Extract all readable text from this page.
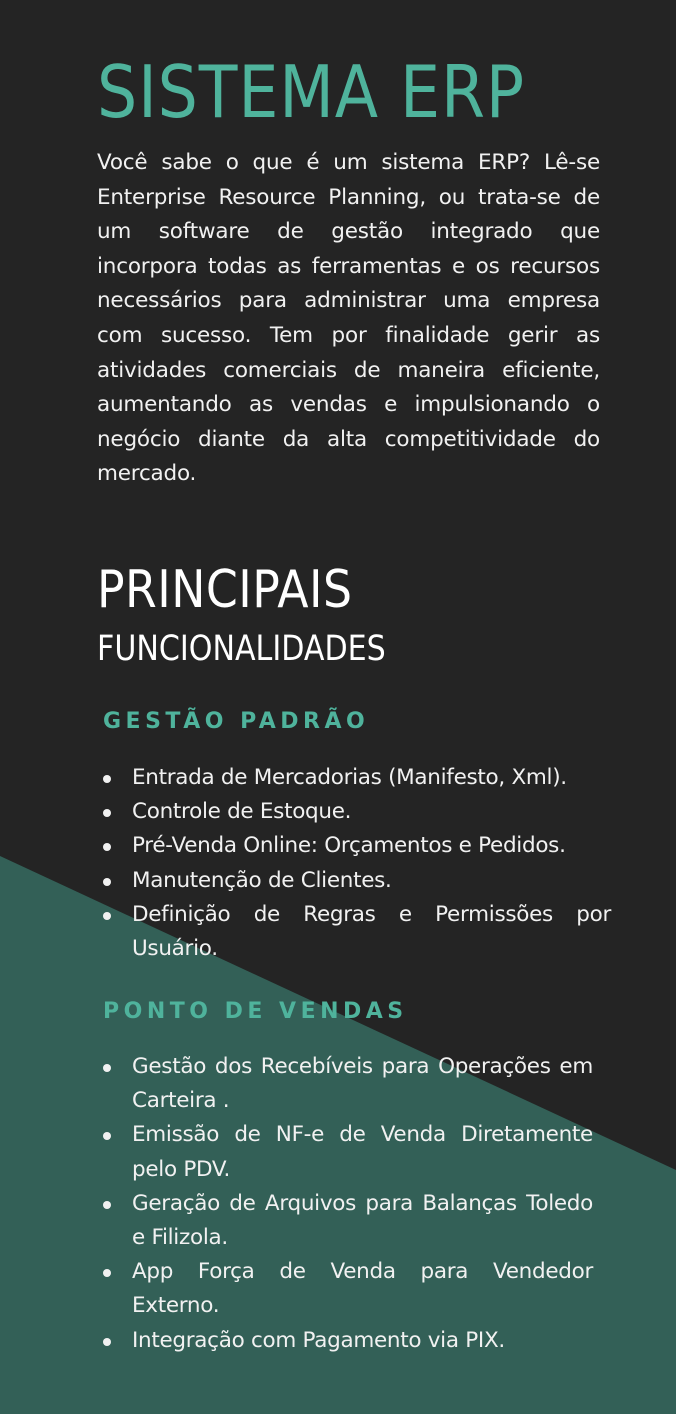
SISTEMA ERP

Você sabe o que é um sistema ERP? Lê-se Enterprise Resource Planning, ou trata-se de um software de gestão integrado que incorpora todas as ferramentas e os recursos necessários para administrar uma empresa com sucesso. Tem por finalidade gerir as atividades comerciais de maneira eficiente, aumentando as vendas e impulsionando o negócio diante da alta competitividade do mercado.

PRINCIPAIS
FUNCIONALIDADES
GESTÃO PADRÃO
Entrada de Mercadorias (Manifesto, Xml).
Controle de Estoque.
Pré-Venda Online: Orçamentos e Pedidos.
Manutenção de Clientes.
Definição de Regras e Permissões por Usuário.
PONTO DE VENDAS
Gestão dos Recebíveis para Operações em Carteira .
Emissão de NF-e de Venda Diretamente pelo PDV.
Geração de Arquivos para Balanças Toledo e Filizola.
App Força de Venda para Vendedor Externo.
Integração com Pagamento via PIX.
